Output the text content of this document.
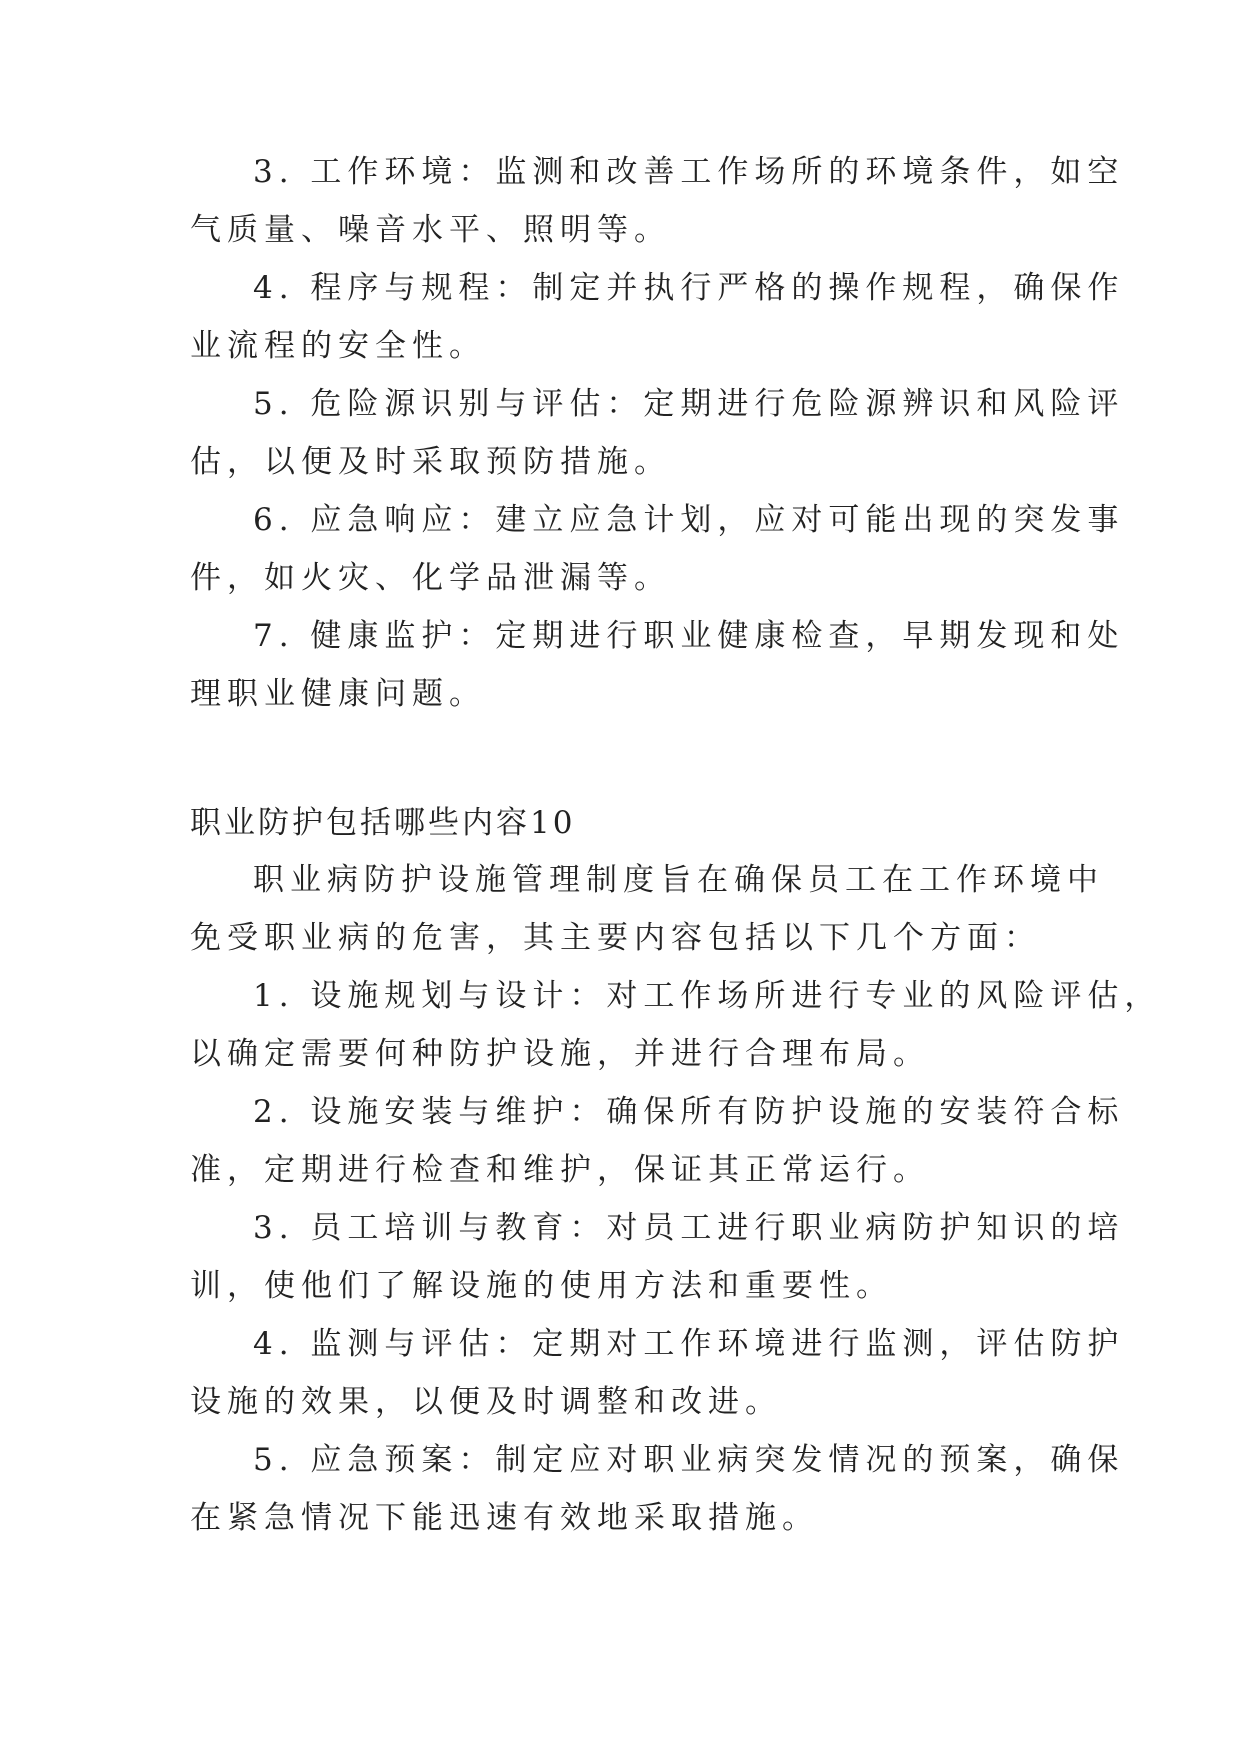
3. 工作环境：监测和改善工作场所的环境条件，如空
气质量、噪音水平、照明等。
4. 程序与规程：制定并执行严格的操作规程，确保作
业流程的安全性。
5. 危险源识别与评估：定期进行危险源辨识和风险评
估，以便及时采取预防措施。
6. 应急响应：建立应急计划，应对可能出现的突发事
件，如火灾、化学品泄漏等。
7. 健康监护：定期进行职业健康检查，早期发现和处
理职业健康问题。
职业防护包括哪些内容10
职业病防护设施管理制度旨在确保员工在工作环境中
免受职业病的危害，其主要内容包括以下几个方面：
1. 设施规划与设计：对工作场所进行专业的风险评估，
以确定需要何种防护设施，并进行合理布局。
2. 设施安装与维护：确保所有防护设施的安装符合标
准，定期进行检查和维护，保证其正常运行。
3. 员工培训与教育：对员工进行职业病防护知识的培
训，使他们了解设施的使用方法和重要性。
4. 监测与评估：定期对工作环境进行监测，评估防护
设施的效果，以便及时调整和改进。
5. 应急预案：制定应对职业病突发情况的预案，确保
在紧急情况下能迅速有效地采取措施。
